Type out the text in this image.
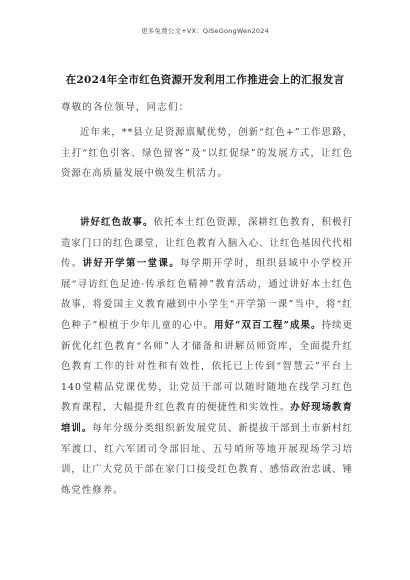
更多免费公文+VX：QiSeGongWen2024
在2024年全市红色资源开发利用工作推进会上的汇报发言
尊敬的各位领导，同志们：
近年来，**县立足资源禀赋优势，创新“红色+”工作思路，主打“红色引客、绿色留客”及“以红促绿”的发展方式，让红色资源在高质量发展中焕发生机活力。
讲好红色故事。依托本土红色资源，深耕红色教育，积极打造家门口的红色课堂，让红色教育入脑入心、让红色基因代代相传。讲好开学第一堂课。每学期开学时，组织县域中小学校开展“寻访红色足迹·传承红色精神”教育活动，通过讲好本土红色故事，将爱国主义教育融到中小学生“开学第一课”当中，将“红色种子”根植于少年儿童的心中。用好“双百工程”成果。持续更新优化红色教育“名师”人才储备和讲解员师资库，全面提升红色教育工作的针对性和有效性，依托已上传到“智慧云”平台上140堂精品党课优势，让党员干部可以随时随地在线学习红色教育课程，大幅提升红色教育的便捷性和实效性。办好现场教育培训。每年分级分类组织新发展党员、新提拔干部到土市新村红军渡口、红六军团司令部旧址、五号哨所等地开展现场学习培训，让广大党员干部在家门口接受红色教育、感悟政治忠诚、锤炼党性修养。
